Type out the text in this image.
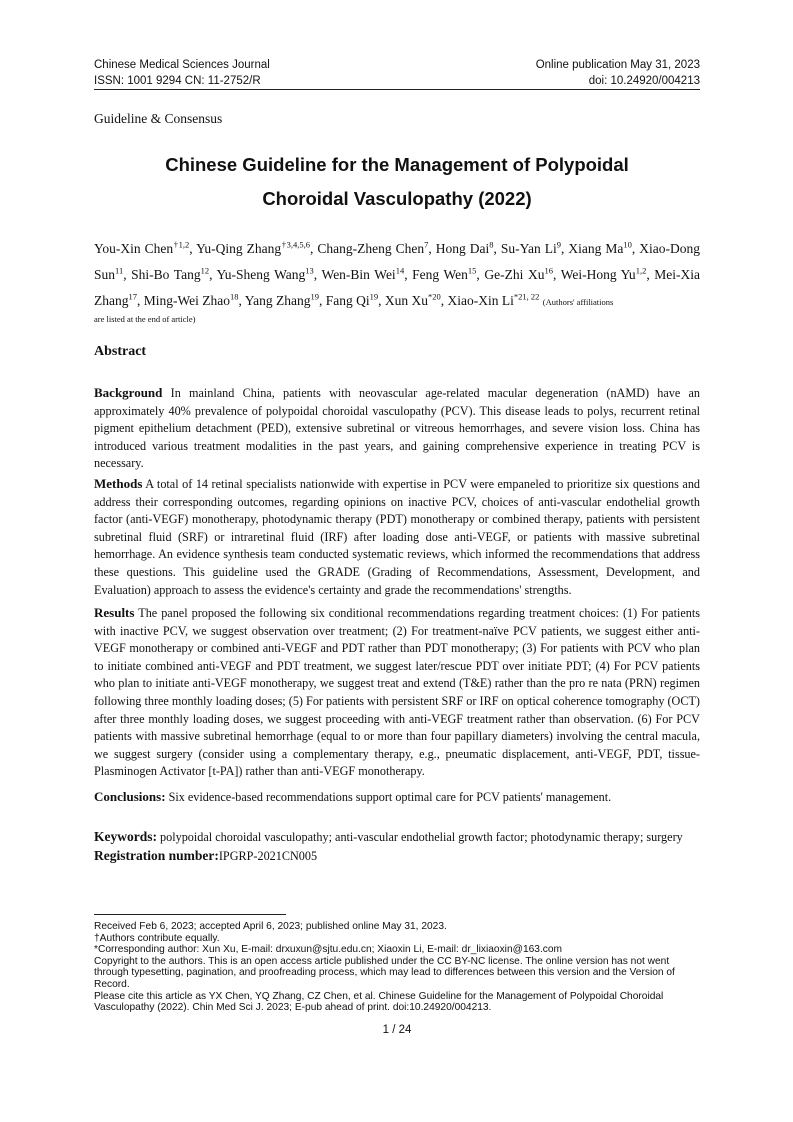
Chinese Medical Sciences Journal	Online publication May 31, 2023
ISSN: 1001 9294 CN: 11-2752/R	doi: 10.24920/004213
Guideline & Consensus
Chinese Guideline for the Management of Polypoidal
Choroidal Vasculopathy (2022)
You-Xin Chen$^{\dagger 1,2}$, Yu-Qing Zhang$^{\dagger 3,4,5,6}$, Chang-Zheng Chen$^7$, Hong Dai$^8$, Su-Yan Li$^9$, Xiang Ma$^{10}$, Xiao-Dong Sun$^{11}$, Shi-Bo Tang$^{12}$, Yu-Sheng Wang$^{13}$, Wen-Bin Wei$^{14}$, Feng Wen$^{15}$, Ge-Zhi Xu$^{16}$, Wei-Hong Yu$^{1,2}$, Mei-Xia Zhang$^{17}$, Ming-Wei Zhao$^{18}$, Yang Zhang$^{19}$, Fang Qi$^{19}$, Xun Xu$^{*20}$, Xiao-Xin Li$^{*21, 22}$ (Authors' affiliations
are listed at the end of article)
Abstract
Background In mainland China, patients with neovascular age-related macular degeneration (nAMD) have an approximately 40% prevalence of polypoidal choroidal vasculopathy (PCV). This disease leads to polys, recurrent retinal pigment epithelium detachment (PED), extensive subretinal or vitreous hemorrhages, and severe vision loss. China has introduced various treatment modalities in the past years, and gaining comprehensive experience in treating PCV is necessary.
Methods A total of 14 retinal specialists nationwide with expertise in PCV were empaneled to prioritize six questions and address their corresponding outcomes, regarding opinions on inactive PCV, choices of anti-vascular endothelial growth factor (anti-VEGF) monotherapy, photodynamic therapy (PDT) monotherapy or combined therapy, patients with persistent subretinal fluid (SRF) or intraretinal fluid (IRF) after loading dose anti-VEGF, or patients with massive subretinal hemorrhage. An evidence synthesis team conducted systematic reviews, which informed the recommendations that address these questions. This guideline used the GRADE (Grading of Recommendations, Assessment, Development, and Evaluation) approach to assess the evidence's certainty and grade the recommendations' strengths.
Results The panel proposed the following six conditional recommendations regarding treatment choices: (1) For patients with inactive PCV, we suggest observation over treatment; (2) For treatment-naïve PCV patients, we suggest either anti-VEGF monotherapy or combined anti-VEGF and PDT rather than PDT monotherapy; (3) For patients with PCV who plan to initiate combined anti-VEGF and PDT treatment, we suggest later/rescue PDT over initiate PDT; (4) For PCV patients who plan to initiate anti-VEGF monotherapy, we suggest treat and extend (T&E) rather than the pro re nata (PRN) regimen following three monthly loading doses; (5) For patients with persistent SRF or IRF on optical coherence tomography (OCT) after three monthly loading doses, we suggest proceeding with anti-VEGF treatment rather than observation. (6) For PCV patients with massive subretinal hemorrhage (equal to or more than four papillary diameters) involving the central macula, we suggest surgery (consider using a complementary therapy, e.g., pneumatic displacement, anti-VEGF, PDT, tissue-Plasminogen Activator [t-PA]) rather than anti-VEGF monotherapy.
Conclusions: Six evidence-based recommendations support optimal care for PCV patients' management.
Keywords: polypoidal choroidal vasculopathy; anti-vascular endothelial growth factor; photodynamic therapy; surgery
Registration number:IPGRP-2021CN005
Received Feb 6, 2023; accepted April 6, 2023; published online May 31, 2023.
†Authors contribute equally.
*Corresponding author: Xun Xu, E-mail: drxuxun@sjtu.edu.cn; Xiaoxin Li, E-mail: dr_lixiaoxin@163.com
Copyright to the authors. This is an open access article published under the CC BY-NC license. The online version has not went through typesetting, pagination, and proofreading process, which may lead to differences between this version and the Version of Record.
Please cite this article as YX Chen, YQ Zhang, CZ Chen, et al. Chinese Guideline for the Management of Polypoidal Choroidal Vasculopathy (2022). Chin Med Sci J. 2023; E-pub ahead of print. doi:10.24920/004213.
1 / 24
